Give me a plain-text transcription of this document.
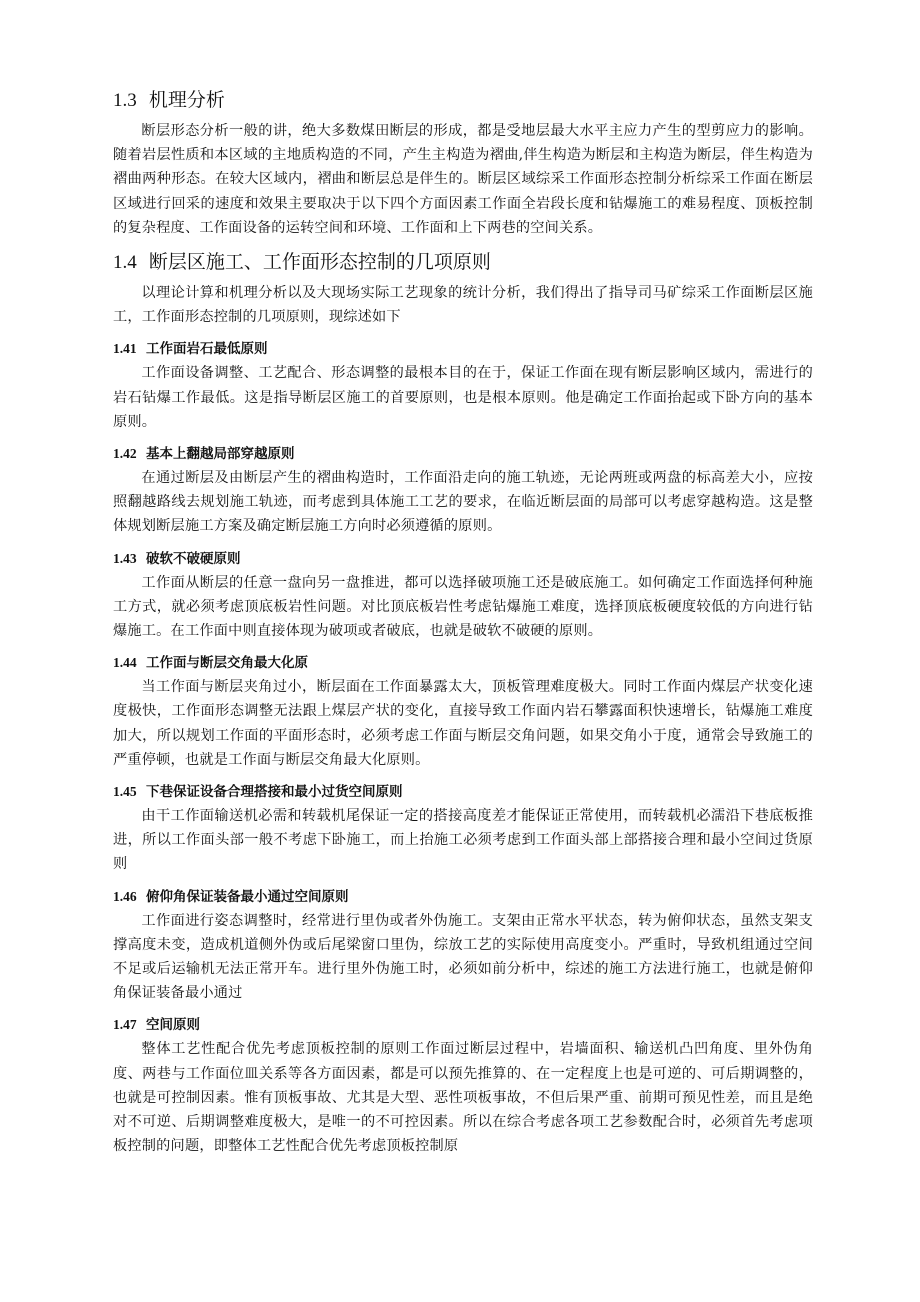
1.3 机理分析

断层形态分析一般的讲，绝大多数煤田断层的形成，都是受地层最大水平主应力产生的型剪应力的影响。随着岩层性质和本区域的主地质构造的不同，产生主构造为褶曲,伴生构造为断层和主构造为断层，伴生构造为褶曲两种形态。在较大区域内，褶曲和断层总是伴生的。断层区域综采工作面形态控制分析综采工作面在断层区域进行回采的速度和效果主要取决于以下四个方面因素工作面全岩段长度和钻爆施工的难易程度、顶板控制的复杂程度、工作面设备的运转空间和环境、工作面和上下两巷的空间关系。

1.4 断层区施工、工作面形态控制的几项原则

以理论计算和机理分析以及大现场实际工艺现象的统计分析，我们得出了指导司马矿综采工作面断层区施工，工作面形态控制的几项原则，现综述如下

1.41 工作面岩石最低原则

工作面设备调整、工艺配合、形态调整的最根本目的在于，保证工作面在现有断层影响区域内，需进行的岩石钻爆工作最低。这是指导断层区施工的首要原则，也是根本原则。他是确定工作面抬起或下卧方向的基本原则。

1.42 基本上翻越局部穿越原则

在通过断层及由断层产生的褶曲构造时，工作面沿走向的施工轨迹，无论两班或两盘的标高差大小，应按照翻越路线去规划施工轨迹，而考虑到具体施工工艺的要求，在临近断层面的局部可以考虑穿越构造。这是整体规划断层施工方案及确定断层施工方向时必须遵循的原则。

1.43 破软不破硬原则

工作面从断层的任意一盘向另一盘推进，都可以选择破项施工还是破底施工。如何确定工作面选择何种施工方式，就必须考虑顶底板岩性问题。对比顶底板岩性考虑钻爆施工难度，选择顶底板硬度较低的方向进行钻爆施工。在工作面中则直接体现为破项或者破底，也就是破软不破硬的原则。

1.44 工作面与断层交角最大化原

当工作面与断层夹角过小，断层面在工作面暴露太大，顶板管理难度极大。同时工作面内煤层产状变化速度极快，工作面形态调整无法跟上煤层产状的变化，直接导致工作面内岩石攀露面积快速增长，钻爆施工难度加大，所以规划工作面的平面形态时，必须考虑工作面与断层交角问题，如果交角小于度，通常会导致施工的严重停顿，也就是工作面与断层交角最大化原则。

1.45 下巷保证设备合理搭接和最小过货空间原则

由干工作面输送机必需和转载机尾保证一定的搭接高度差才能保证正常使用，而转载机必濡沿下巷底板推进，所以工作面头部一般不考虑下卧施工，而上抬施工必须考虑到工作面头部上部搭接合理和最小空间过货原则

1.46 俯仰角保证装备最小通过空间原则

工作面进行姿态调整时，经常进行里伪或者外伪施工。支架由正常水平状态，转为俯仰状态，虽然支架支撑高度未变，造成机道侧外伪或后尾梁窗口里伪，综放工艺的实际使用高度变小。严重时，导致机组通过空间不足或后运输机无法正常开车。进行里外伪施工时，必须如前分析中，综述的施工方法进行施工，也就是俯仰角保证装备最小通过

1.47 空间原则

整体工艺性配合优先考虑顶板控制的原则工作面过断层过程中，岩墙面积、输送机凸凹角度、里外伪角度、两巷与工作面位皿关系等各方面因素，都是可以预先推算的、在一定程度上也是可逆的、可后期调整的，也就是可控制因素。惟有顶板事故、尤其是大型、恶性项板事故，不但后果严重、前期可预见性差，而且是绝对不可逆、后期调整难度极大，是唯一的不可控因素。所以在综合考虑各项工艺参数配合时，必须首先考虑项板控制的问题，即整体工艺性配合优先考虑顶板控制原
